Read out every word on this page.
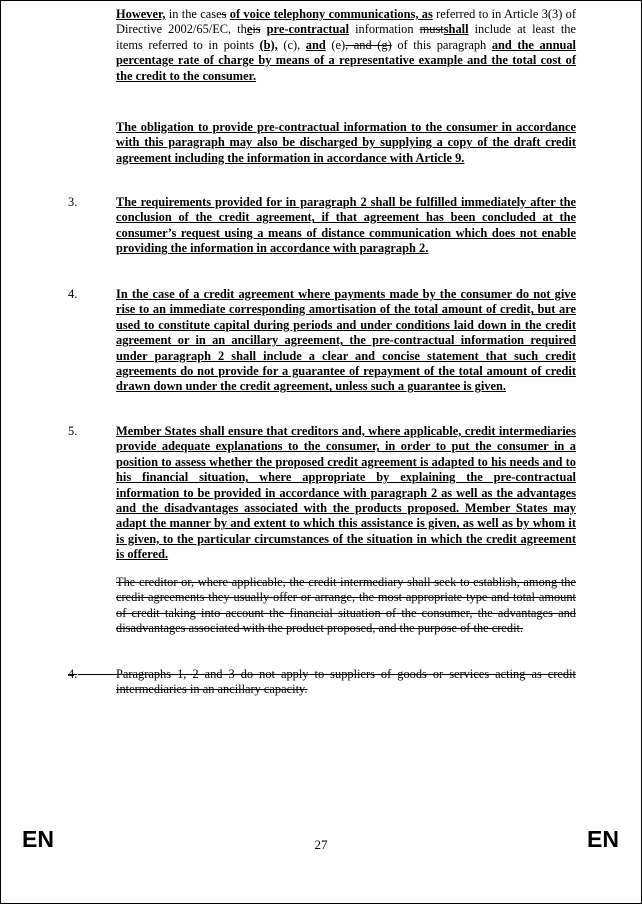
However, in the cases of voice telephony communications, as referred to in Article 3(3) of Directive 2002/65/EC, theis pre-contractual information mustshall include at least the items referred to in points (b), (c), and (e), and (g) of this paragraph and the annual percentage rate of charge by means of a representative example and the total cost of the credit to the consumer.

The obligation to provide pre-contractual information to the consumer in accordance with this paragraph may also be discharged by supplying a copy of the draft credit agreement including the information in accordance with Article 9.

3.	The requirements provided for in paragraph 2 shall be fulfilled immediately after the conclusion of the credit agreement, if that agreement has been concluded at the consumer’s request using a means of distance communication which does not enable providing the information in accordance with paragraph 2.

4.	In the case of a credit agreement where payments made by the consumer do not give rise to an immediate corresponding amortisation of the total amount of credit, but are used to constitute capital during periods and under conditions laid down in the credit agreement or in an ancillary agreement, the pre-contractual information required under paragraph 2 shall include a clear and concise statement that such credit agreements do not provide for a guarantee of repayment of the total amount of credit drawn down under the credit agreement, unless such a guarantee is given.

5.	Member States shall ensure that creditors and, where applicable, credit intermediaries provide adequate explanations to the consumer, in order to put the consumer in a position to assess whether the proposed credit agreement is adapted to his needs and to his financial situation, where appropriate by explaining the pre-contractual information to be provided in accordance with paragraph 2 as well as the advantages and the disadvantages associated with the products proposed. Member States may adapt the manner by and extent to which this assistance is given, as well as by whom it is given, to the particular circumstances of the situation in which the credit agreement is offered.

The creditor or, where applicable, the credit intermediary shall seek to establish, among the credit agreements they usually offer or arrange, the most appropriate type and total amount of credit taking into account the financial situation of the consumer, the advantages and disadvantages associated with the product proposed, and the purpose of the credit.

4.	Paragraphs 1, 2 and 3 do not apply to suppliers of goods or services acting as credit intermediaries in an ancillary capacity.

EN	27	EN
